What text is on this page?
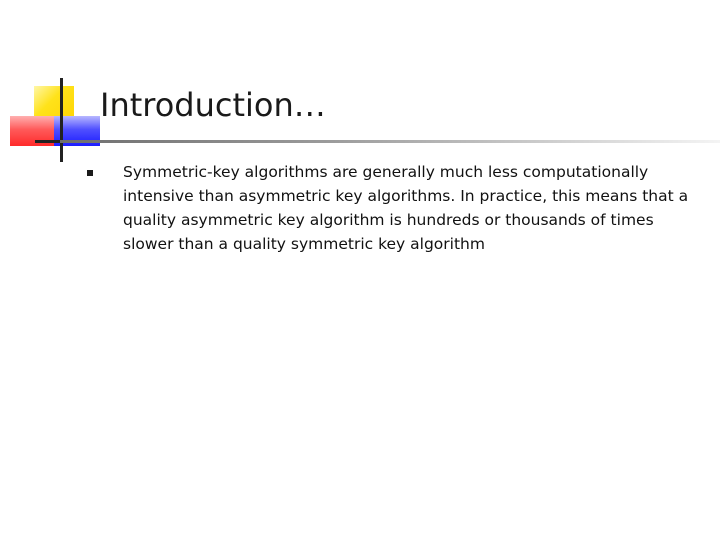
Introduction…
Symmetric-key algorithms are generally much less computationally intensive than asymmetric key algorithms. In practice, this means that a quality asymmetric key algorithm is hundreds or thousands of times slower than a quality symmetric key algorithm
